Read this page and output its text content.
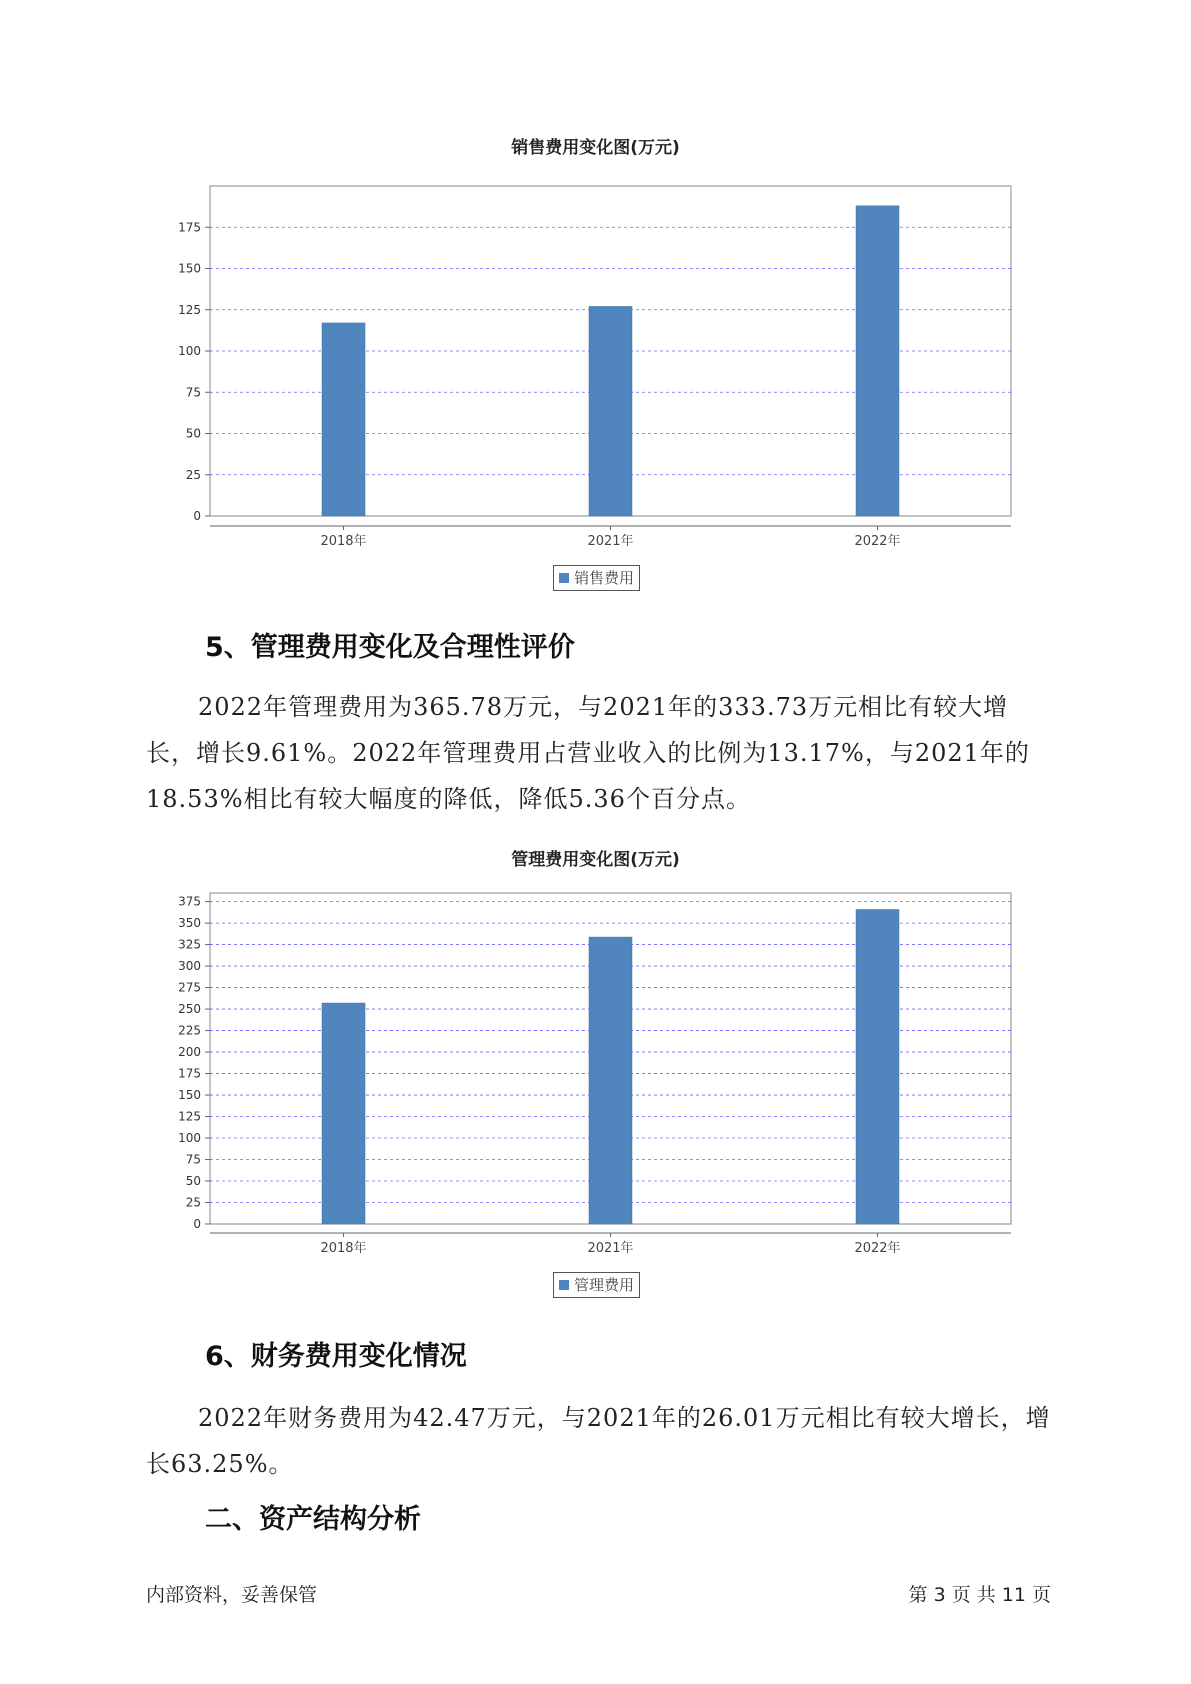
销售费用变化图(万元)
0
25
50
75
100
125
150
175
2018年	2021年	2022年
销售费用
5、管理费用变化及合理性评价
2022年管理费用为365.78万元，与2021年的333.73万元相比有较大增长，增长9.61%。2022年管理费用占营业收入的比例为13.17%，与2021年的18.53%相比有较大幅度的降低，降低5.36个百分点。
管理费用变化图(万元)
0
25
50
75
100
125
150
175
200
225
250
275
300
325
350
375
2018年	2021年	2022年
管理费用
6、财务费用变化情况
2022年财务费用为42.47万元，与2021年的26.01万元相比有较大增长，增长63.25%。
二、资产结构分析
内部资料，妥善保管	第 3 页 共 11 页
